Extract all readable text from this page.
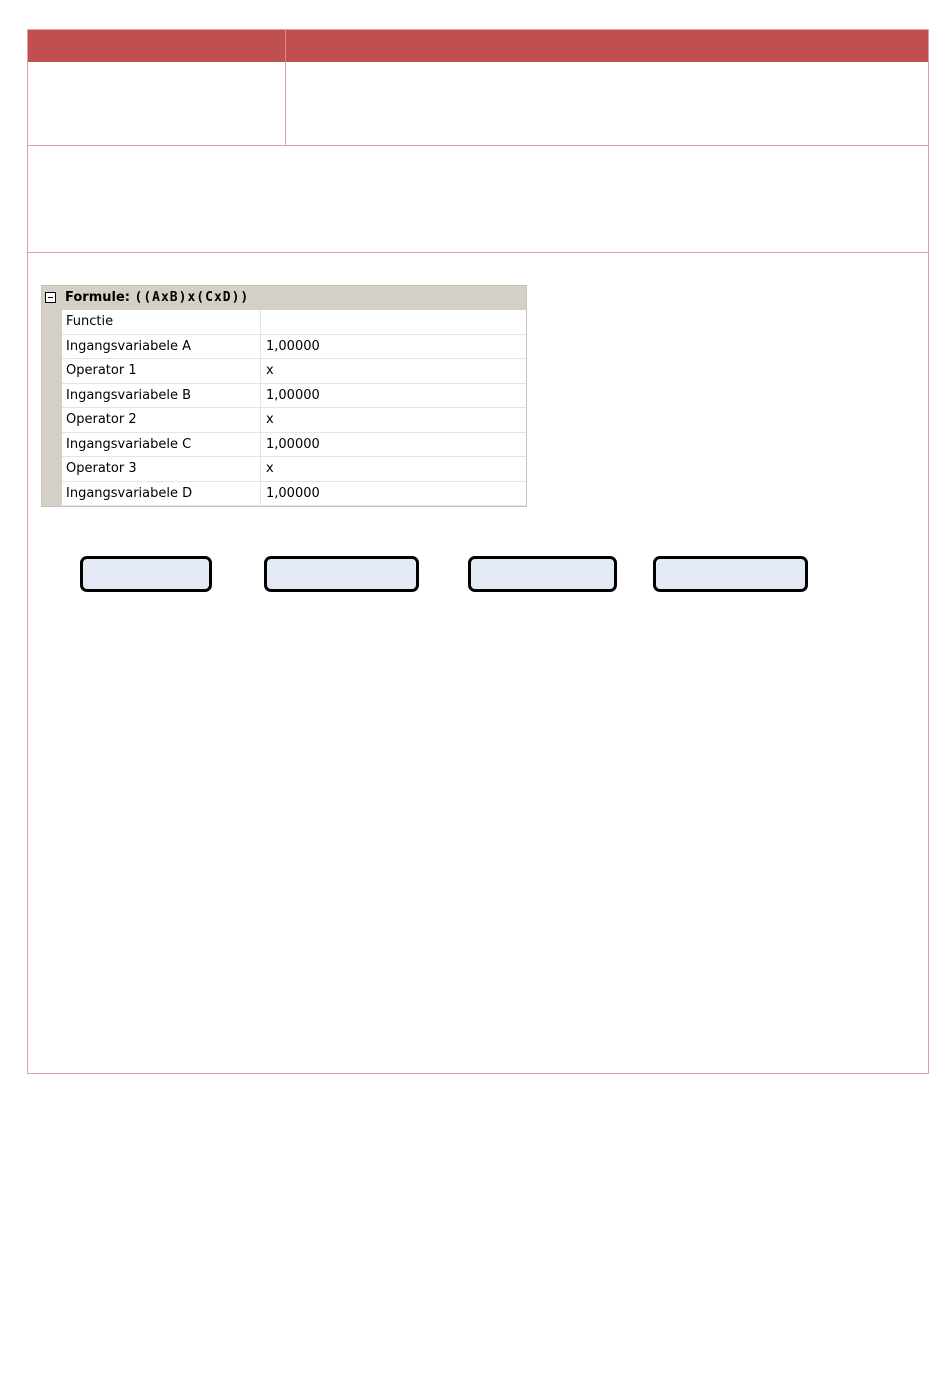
Formule: ((AxB)x(CxD))
Functie
Ingangsvariabele A	1,00000
Operator 1	x
Ingangsvariabele B	1,00000
Operator 2	x
Ingangsvariabele C	1,00000
Operator 3	x
Ingangsvariabele D	1,00000
